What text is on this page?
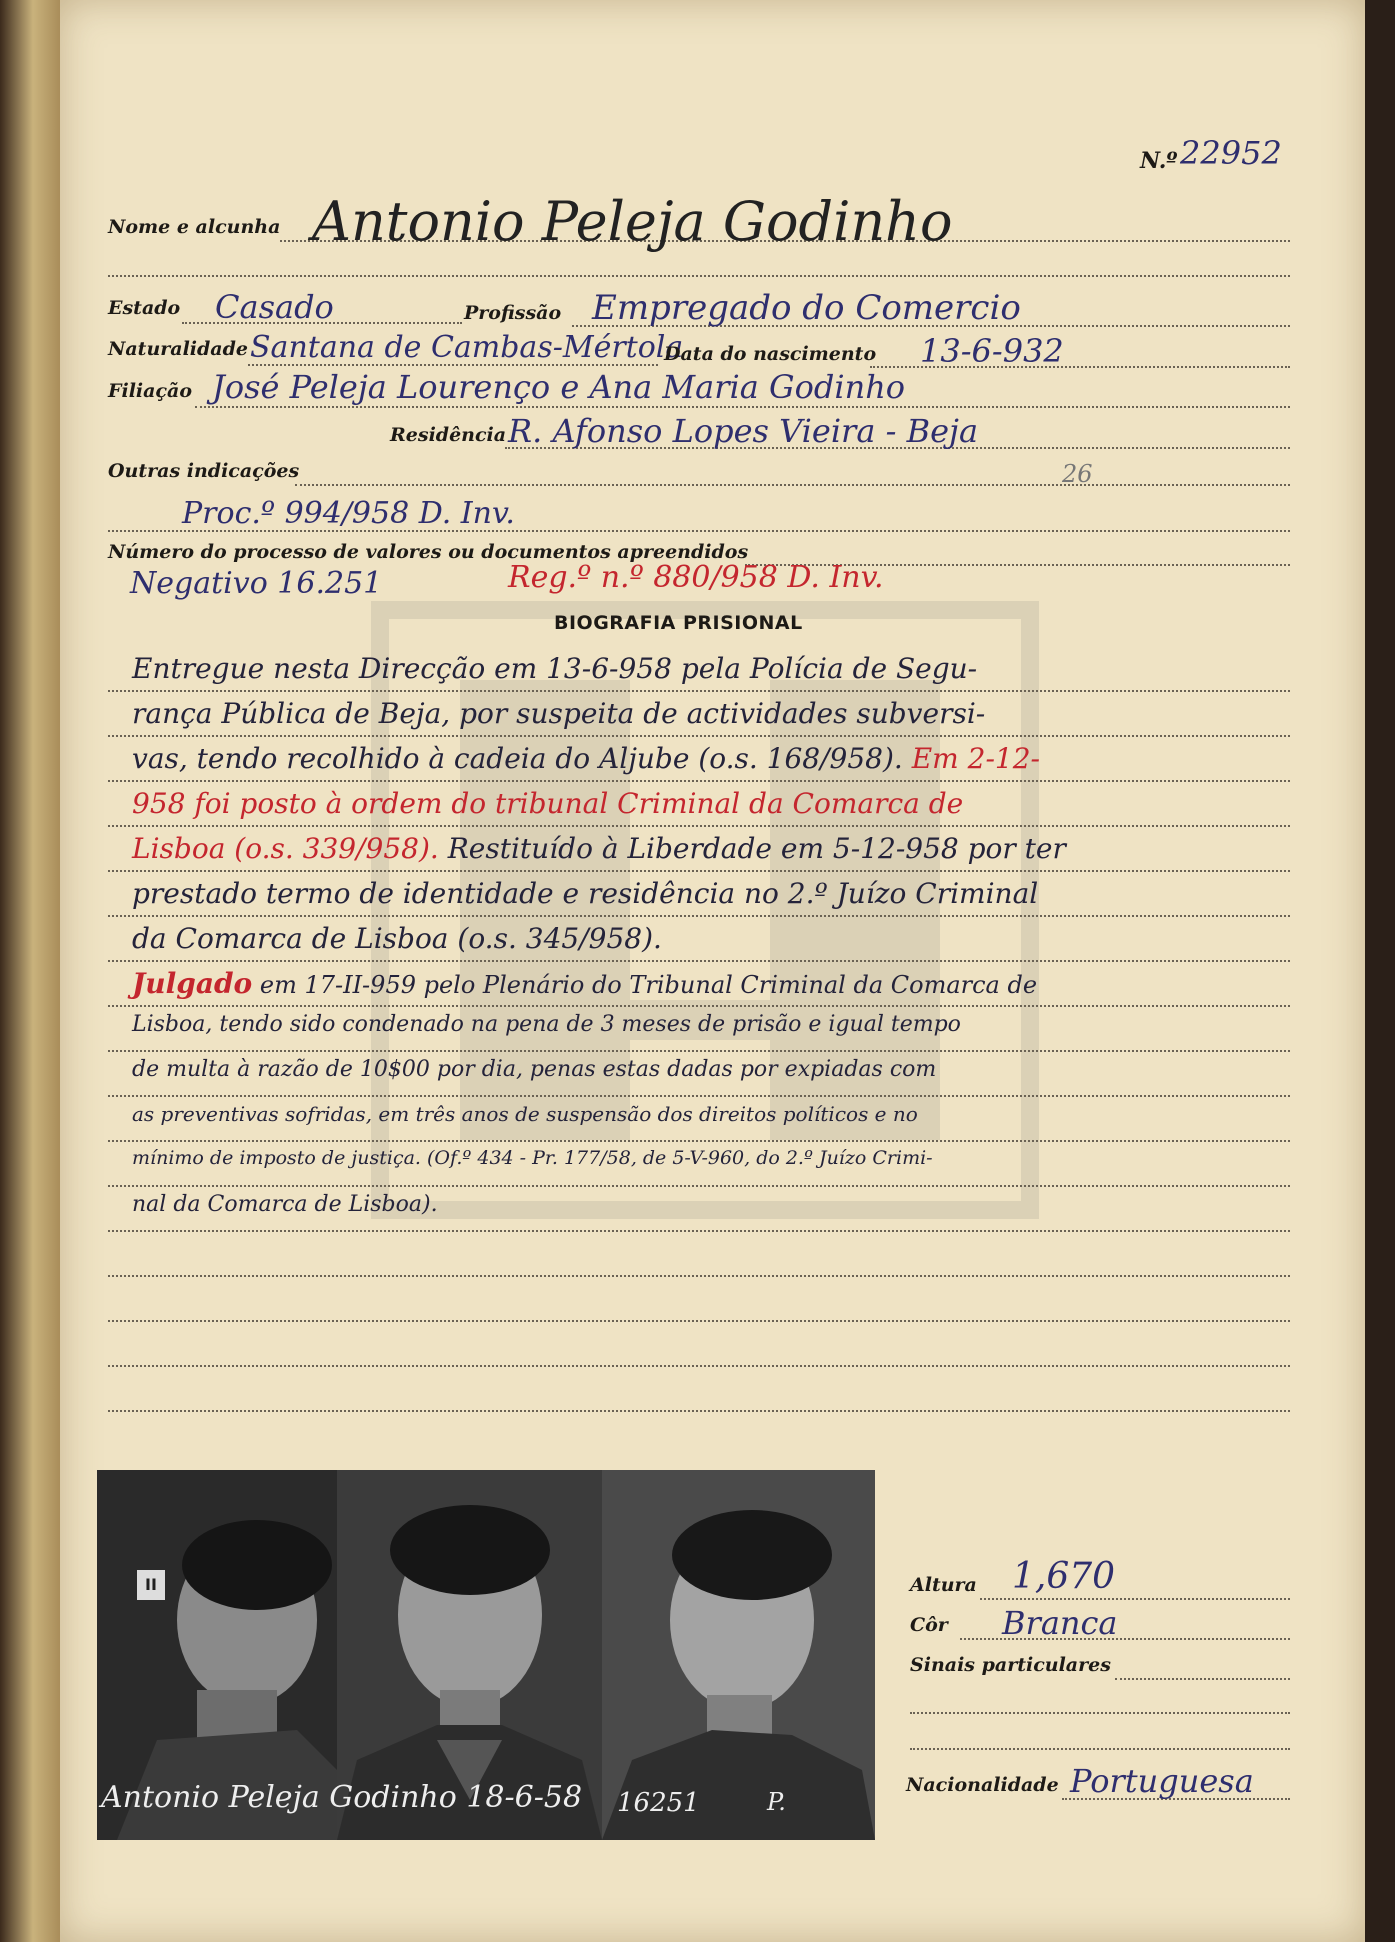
N.º 22952
Nome e alcunha Antonio Peleja Godinho
Estado Casado	Profissão Empregado do Comercio
Naturalidade Santana de Cambas-Mértola
Data do nascimento 13-6-932
Filiação José Peleja Lourenço e Ana Maria Godinho
Residência R. Afonso Lopes Vieira - Beja
Outras indicações	26
Proc.º 994/958 D. Inv.
Número do processo de valores ou documentos apreendidos
Negativo 16.251	Reg.º n.º 880/958 D. Inv.
BIOGRAFIA PRISIONAL
Entregue nesta Direcção em 13-6-958 pela Polícia de Segu-
rança Pública de Beja, por suspeita de actividades subversi-
vas, tendo recolhido à cadeia do Aljube (o.s. 168/958). Em 2-12-
958 foi posto à ordem do tribunal Criminal da Comarca de
Lisboa (o.s. 339/958). Restituído à Liberdade em 5-12-958 por ter
prestado termo de identidade e residência no 2.º Juízo Criminal
da Comarca de Lisboa (o.s. 345/958).
Julgado em 17-II-959 pelo Plenário do Tribunal Criminal da Comarca de
Lisboa, tendo sido condenado na pena de 3 meses de prisão e igual tempo
de multa à razão de 10$00 por dia, penas estas dadas por expiadas com
as preventivas sofridas, em três anos de suspensão dos direitos políticos e no
mínimo de imposto de justiça. (Of.º 434 - Pr. 177/58, de 5-V-960, do 2.º Juízo Crimi-
nal da Comarca de Lisboa).
Antonio Peleja Godinho 18-6-58 16251	P.
II	Altura 1,670
Côr Branca
Sinais particulares
Nacionalidade Portuguesa
